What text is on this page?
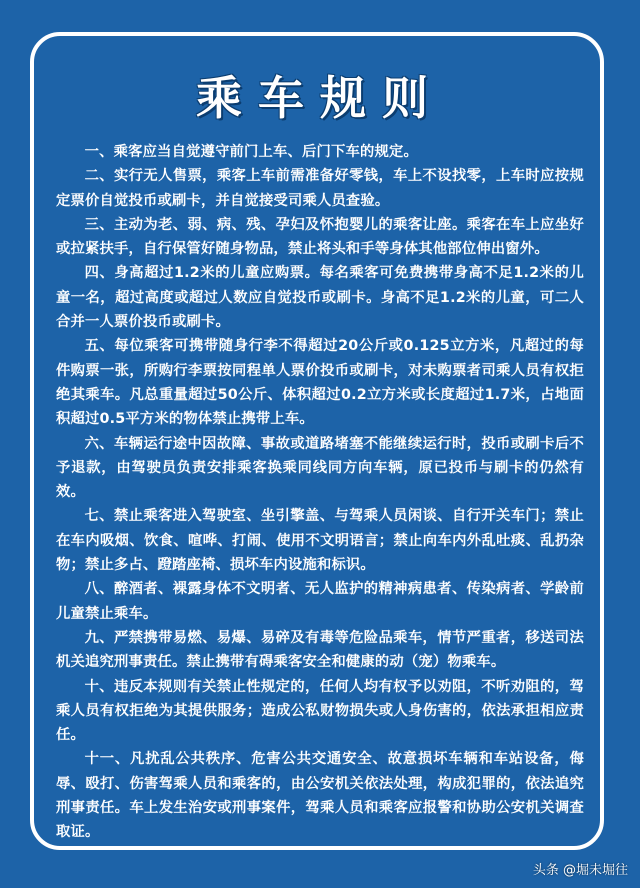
乘车规则
一、乘客应当自觉遵守前门上车、后门下车的规定。
二、实行无人售票，乘客上车前需准备好零钱，车上不设找零，上车时应按规定票价自觉投币或刷卡，并自觉接受司乘人员查验。
三、主动为老、弱、病、残、孕妇及怀抱婴儿的乘客让座。乘客在车上应坐好或拉紧扶手，自行保管好随身物品，禁止将头和手等身体其他部位伸出窗外。
四、身高超过1.2米的儿童应购票。每名乘客可免费携带身高不足1.2米的儿童一名，超过高度或超过人数应自觉投币或刷卡。身高不足1.2米的儿童，可二人合并一人票价投币或刷卡。
五、每位乘客可携带随身行李不得超过20公斤或0.125立方米，凡超过的每件购票一张，所购行李票按同程单人票价投币或刷卡，对未购票者司乘人员有权拒绝其乘车。凡总重量超过50公斤、体积超过0.2立方米或长度超过1.7米，占地面积超过0.5平方米的物体禁止携带上车。
六、车辆运行途中因故障、事故或道路堵塞不能继续运行时，投币或刷卡后不予退款，由驾驶员负责安排乘客换乘同线同方向车辆，原已投币与刷卡的仍然有效。
七、禁止乘客进入驾驶室、坐引擎盖、与驾乘人员闲谈、自行开关车门；禁止在车内吸烟、饮食、喧哗、打闹、使用不文明语言；禁止向车内外乱吐痰、乱扔杂物；禁止多占、蹬踏座椅、损坏车内设施和标识。
八、醉酒者、裸露身体不文明者、无人监护的精神病患者、传染病者、学龄前儿童禁止乘车。
九、严禁携带易燃、易爆、易碎及有毒等危险品乘车，情节严重者，移送司法机关追究刑事责任。禁止携带有碍乘客安全和健康的动（宠）物乘车。
十、违反本规则有关禁止性规定的，任何人均有权予以劝阻，不听劝阻的，驾乘人员有权拒绝为其提供服务；造成公私财物损失或人身伤害的，依法承担相应责任。
十一、凡扰乱公共秩序、危害公共交通安全、故意损坏车辆和车站设备，侮辱、殴打、伤害驾乘人员和乘客的，由公安机关依法处理，构成犯罪的，依法追究刑事责任。车上发生治安或刑事案件，驾乘人员和乘客应报警和协助公安机关调查取证。
头条 @堀未堀往
